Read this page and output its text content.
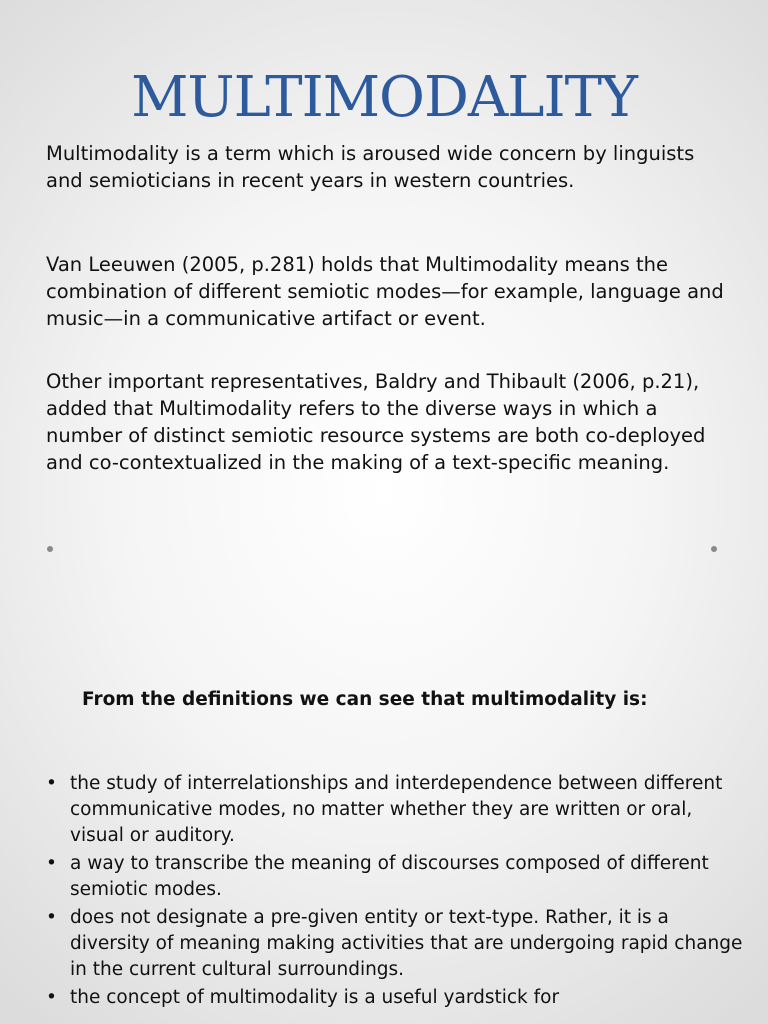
MULTIMODALITY

Multimodality is a term which is aroused wide concern by linguists and semioticians in recent years in western countries.

Van Leeuwen (2005, p.281) holds that Multimodality means the combination of different semiotic modes—for example, language and music—in a communicative artifact or event.

Other important representatives, Baldry and Thibault (2006, p.21), added that Multimodality refers to the diverse ways in which a number of distinct semiotic resource systems are both co-deployed and co-contextualized in the making of a text-specific meaning.

From the definitions we can see that multimodality is:

• the study of interrelationships and interdependence between different communicative modes, no matter whether they are written or oral, visual or auditory.
• a way to transcribe the meaning of discourses composed of different semiotic modes.
• does not designate a pre-given entity or text-type. Rather, it is a diversity of meaning making activities that are undergoing rapid change in the current cultural surroundings.
• the concept of multimodality is a useful yardstick for
